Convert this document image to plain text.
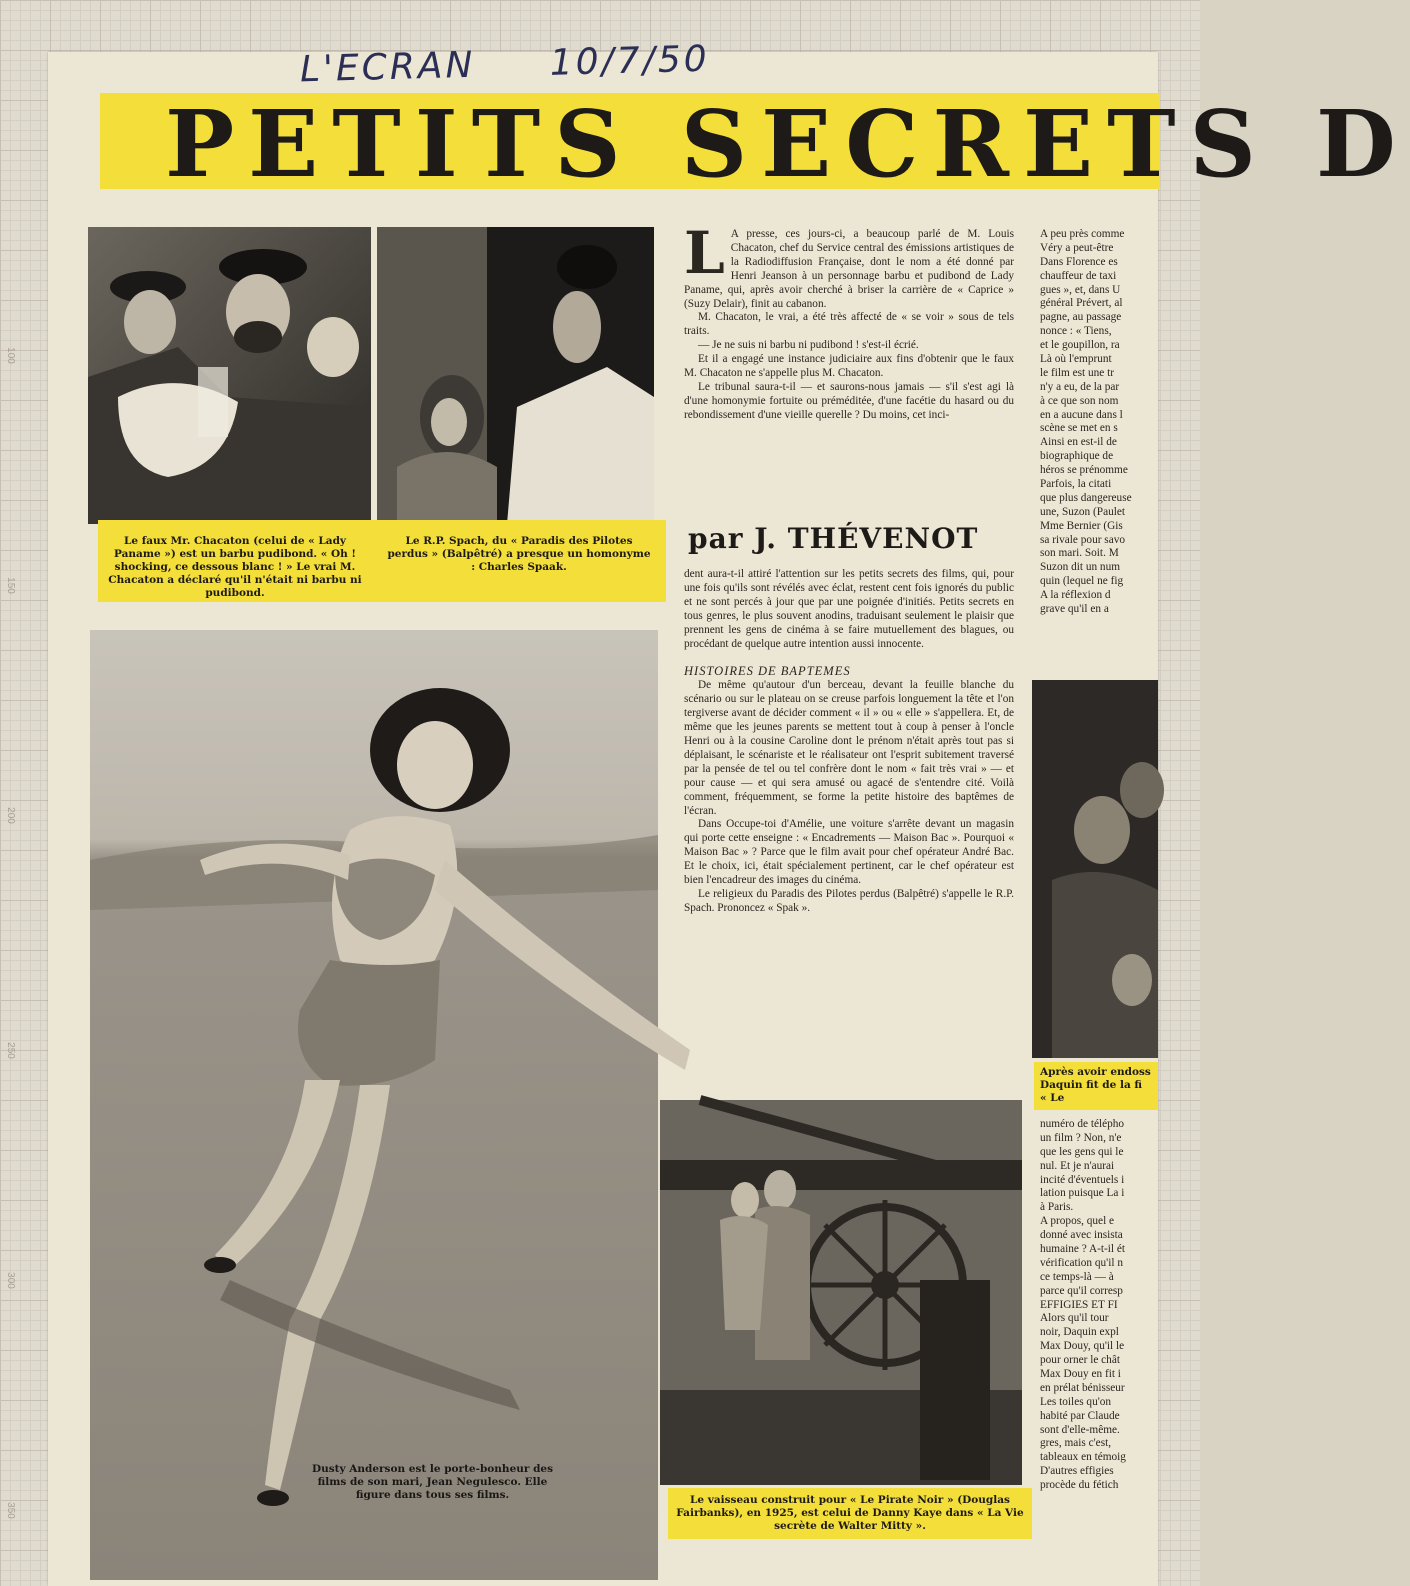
100
150
200
250
300
350
L'ECRAN 10/7/50
PETITS SECRETS D
Le faux Mr. Chacaton (celui de « Lady Paname ») est un barbu pudibond. « Oh ! shocking, ce dessous blanc ! » Le vrai M. Chacaton a déclaré qu'il n'était ni barbu ni pudibond.
Le R.P. Spach, du « Paradis des Pilotes perdus » (Balpêtré) a presque un homonyme : Charles Spaak.
Dusty Anderson est le porte-bonheur des films de son mari, Jean Negulesco. Elle figure dans tous ses films.	Le vaisseau construit pour « Le Pirate Noir » (Douglas Fairbanks), en 1925, est celui de Danny Kaye dans « La Vie secrète de Walter Mitty ».
Après avoir endoss Daquin fit de la fi « Le

L A presse, ces jours-ci, a beaucoup parlé de M. Louis Chacaton, chef du Service central des émissions artistiques de la Radiodiffusion Française, dont le nom a été donné par Henri Jeanson à un personnage barbu et pudibond de Lady Paname, qui, après avoir cherché à briser la carrière de « Caprice » (Suzy Delair), finit au cabanon.

M. Chacaton, le vrai, a été très affecté de « se voir » sous de tels traits.

— Je ne suis ni barbu ni pudibond ! s'est-il écrié.

Et il a engagé une instance judiciaire aux fins d'obtenir que le faux M. Chacaton ne s'appelle plus M. Chacaton.

Le tribunal saura-t-il — et saurons-nous jamais — s'il s'est agi là d'une homonymie fortuite ou préméditée, d'une facétie du hasard ou du rebondissement d'une vieille querelle ? Du moins, cet inci-

par J. THÉVENOT

dent aura-t-il attiré l'attention sur les petits secrets des films, qui, pour une fois qu'ils sont révélés avec éclat, restent cent fois ignorés du public et ne sont percés à jour que par une poignée d'initiés. Petits secrets en tous genres, le plus souvent anodins, traduisant seulement le plaisir que prennent les gens de cinéma à se faire mutuellement des blagues, ou procédant de quelque autre intention aussi innocente.

HISTOIRES DE BAPTEMES

De même qu'autour d'un berceau, devant la feuille blanche du scénario ou sur le plateau on se creuse parfois longuement la tête et l'on tergiverse avant de décider comment « il » ou « elle » s'appellera. Et, de même que les jeunes parents se mettent tout à coup à penser à l'oncle Henri ou à la cousine Caroline dont le prénom n'était après tout pas si déplaisant, le scénariste et le réalisateur ont l'esprit subitement traversé par la pensée de tel ou tel confrère dont le nom « fait très vrai » — et pour cause — et qui sera amusé ou agacé de s'entendre cité. Voilà comment, fréquemment, se forme la petite histoire des baptêmes de l'écran.

Dans Occupe-toi d'Amélie, une voiture s'arrête devant un magasin qui porte cette enseigne : « Encadrements — Maison Bac ». Pourquoi « Maison Bac » ? Parce que le film avait pour chef opérateur André Bac. Et le choix, ici, était spécialement pertinent, car le chef opérateur est bien l'encadreur des images du cinéma.

Le religieux du Paradis des Pilotes perdus (Balpêtré) s'appelle le R.P. Spach. Prononcez « Spak ».

A peu près comme
Véry a peut-être
Dans Florence es
chauffeur de taxi
gues », et, dans U
général Prévert, al
pagne, au passage
nonce : « Tiens,
et le goupillon, ra
Là où l'emprunt
le film est une tr
n'y a eu, de la par
à ce que son nom
en a aucune dans l
scène se met en s
Ainsi en est-il de
biographique de
héros se prénomme
Parfois, la citati
que plus dangereuse
une, Suzon (Paulet
Mme Bernier (Gis
sa rivale pour savo
son mari. Soit. M
Suzon dit un num
quin (lequel ne fig
A la réflexion d
grave qu'il en a
numéro de télépho
un film ? Non, n'e
que les gens qui le
nul. Et je n'aurai
incité d'éventuels i
lation puisque La i
à Paris.
A propos, quel e
donné avec insista
humaine ? A-t-il ét
vérification qu'il n
ce temps-là — à
parce qu'il corresp
EFFIGIES ET FI
Alors qu'il tour
noir, Daquin expl
Max Douy, qu'il le
pour orner le chât
Max Douy en fit i
en prélat bénisseur
Les toiles qu'on
habité par Claude
sont d'elle-même.
gres, mais c'est,
tableaux en témoig
D'autres effigies
procède du fétich
